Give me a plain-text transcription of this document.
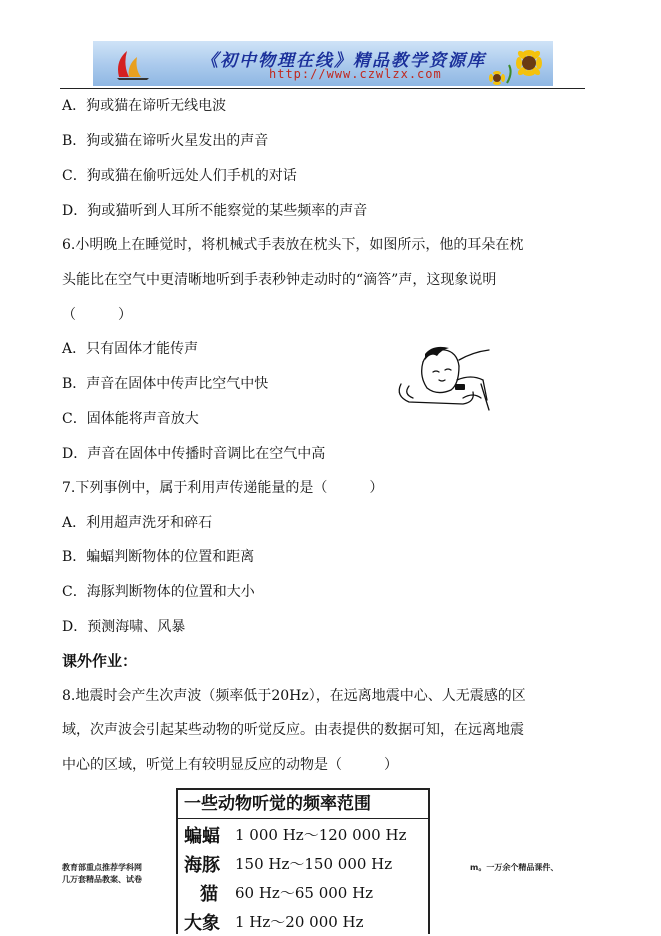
《初中物理在线》精品教学资源库
http://www.czwlzx.com
A．狗或猫在谛听无线电波
B．狗或猫在谛听火星发出的声音
C．狗或猫在偷听远处人们手机的对话
D．狗或猫听到人耳所不能察觉的某些频率的声音
6.小明晚上在睡觉时，将机械式手表放在枕头下，如图所示，他的耳朵在枕
头能比在空气中更清晰地听到手表秒钟走动时的“滴答”声，这现象说明
（　　　）
A．只有固体才能传声
B．声音在固体中传声比空气中快
C．固体能将声音放大
D．声音在固体中传播时音调比在空气中高
7.下列事例中，属于利用声传递能量的是（　　　）
A．利用超声洗牙和碎石
B．蝙蝠判断物体的位置和距离
C．海豚判断物体的位置和大小
D．预测海啸、风暴
课外作业：
8.地震时会产生次声波（频率低于20Hz），在远离地震中心、人无震感的区
域，次声波会引起某些动物的听觉反应。由表提供的数据可知，在远离地震
中心的区域，听觉上有较明显反应的动物是（　　　）
一些动物听觉的频率范围
蝙蝠 1 000 Hz～120 000 Hz
海豚 150 Hz～150 000 Hz
猫 60 Hz～65 000 Hz
大象 1 Hz～20 000 Hz
教育部重点推荐学科网
几万套精品教案、试卷
m。一万余个精品课件、
